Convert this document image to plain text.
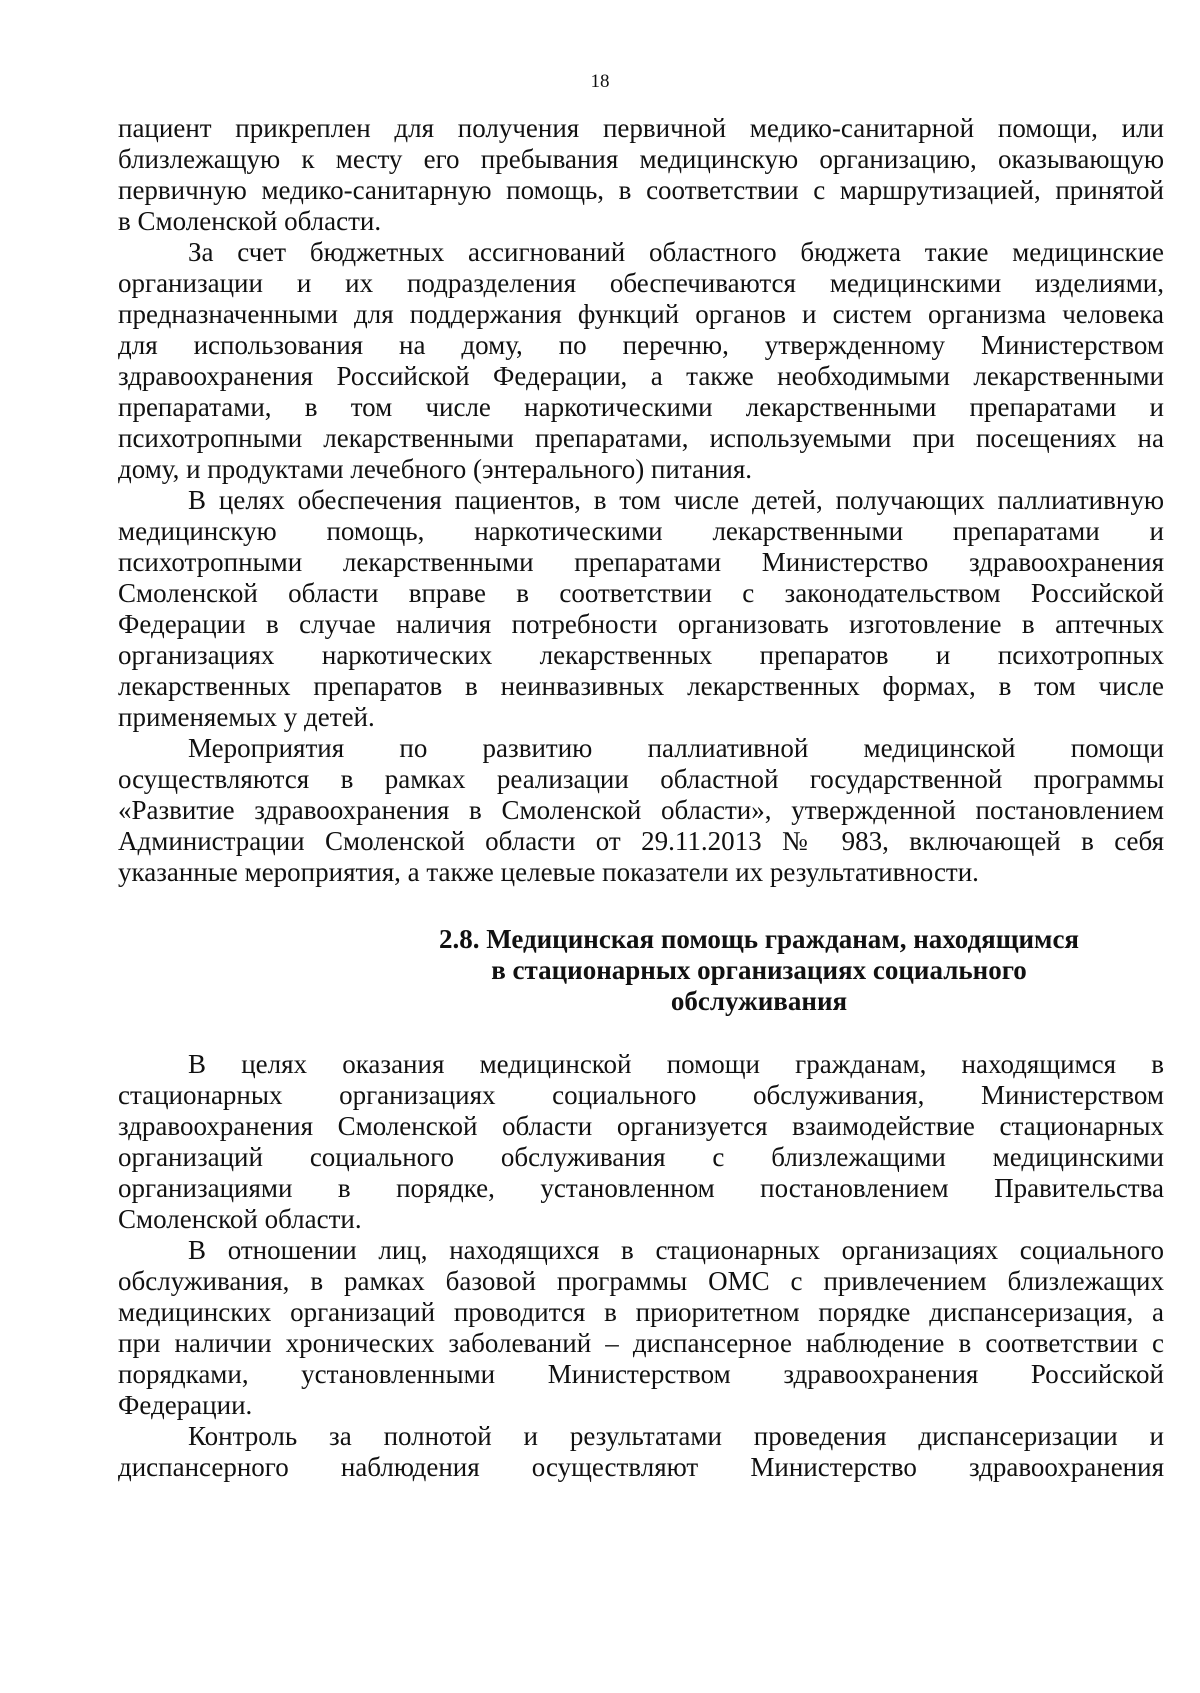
18
пациент прикреплен для получения первичной медико-санитарной помощи, или
близлежащую к месту его пребывания медицинскую организацию, оказывающую
первичную медико-санитарную помощь, в соответствии с маршрутизацией, принятой
в Смоленской области.
За счет бюджетных ассигнований областного бюджета такие медицинские
организации и их подразделения обеспечиваются медицинскими изделиями,
предназначенными для поддержания функций органов и систем организма человека
для использования на дому, по перечню, утвержденному Министерством
здравоохранения Российской Федерации, а также необходимыми лекарственными
препаратами, в том числе наркотическими лекарственными препаратами и
психотропными лекарственными препаратами, используемыми при посещениях на
дому, и продуктами лечебного (энтерального) питания.
В целях обеспечения пациентов, в том числе детей, получающих паллиативную
медицинскую помощь, наркотическими лекарственными препаратами и
психотропными лекарственными препаратами Министерство здравоохранения
Смоленской области вправе в соответствии с законодательством Российской
Федерации в случае наличия потребности организовать изготовление в аптечных
организациях наркотических лекарственных препаратов и психотропных
лекарственных препаратов в неинвазивных лекарственных формах, в том числе
применяемых у детей.
Мероприятия по развитию паллиативной медицинской помощи
осуществляются в рамках реализации областной государственной программы
«Развитие здравоохранения в Смоленской области», утвержденной постановлением
Администрации Смоленской области от 29.11.2013 № 983, включающей в себя
указанные мероприятия, а также целевые показатели их результативности.
2.8. Медицинская помощь гражданам, находящимся
в стационарных организациях социального
обслуживания
В целях оказания медицинской помощи гражданам, находящимся в
стационарных организациях социального обслуживания, Министерством
здравоохранения Смоленской области организуется взаимодействие стационарных
организаций социального обслуживания с близлежащими медицинскими
организациями в порядке, установленном постановлением Правительства
Смоленской области.
В отношении лиц, находящихся в стационарных организациях социального
обслуживания, в рамках базовой программы ОМС с привлечением близлежащих
медицинских организаций проводится в приоритетном порядке диспансеризация, а
при наличии хронических заболеваний – диспансерное наблюдение в соответствии с
порядками, установленными Министерством здравоохранения Российской
Федерации.
Контроль за полнотой и результатами проведения диспансеризации и
диспансерного наблюдения осуществляют Министерство здравоохранения
